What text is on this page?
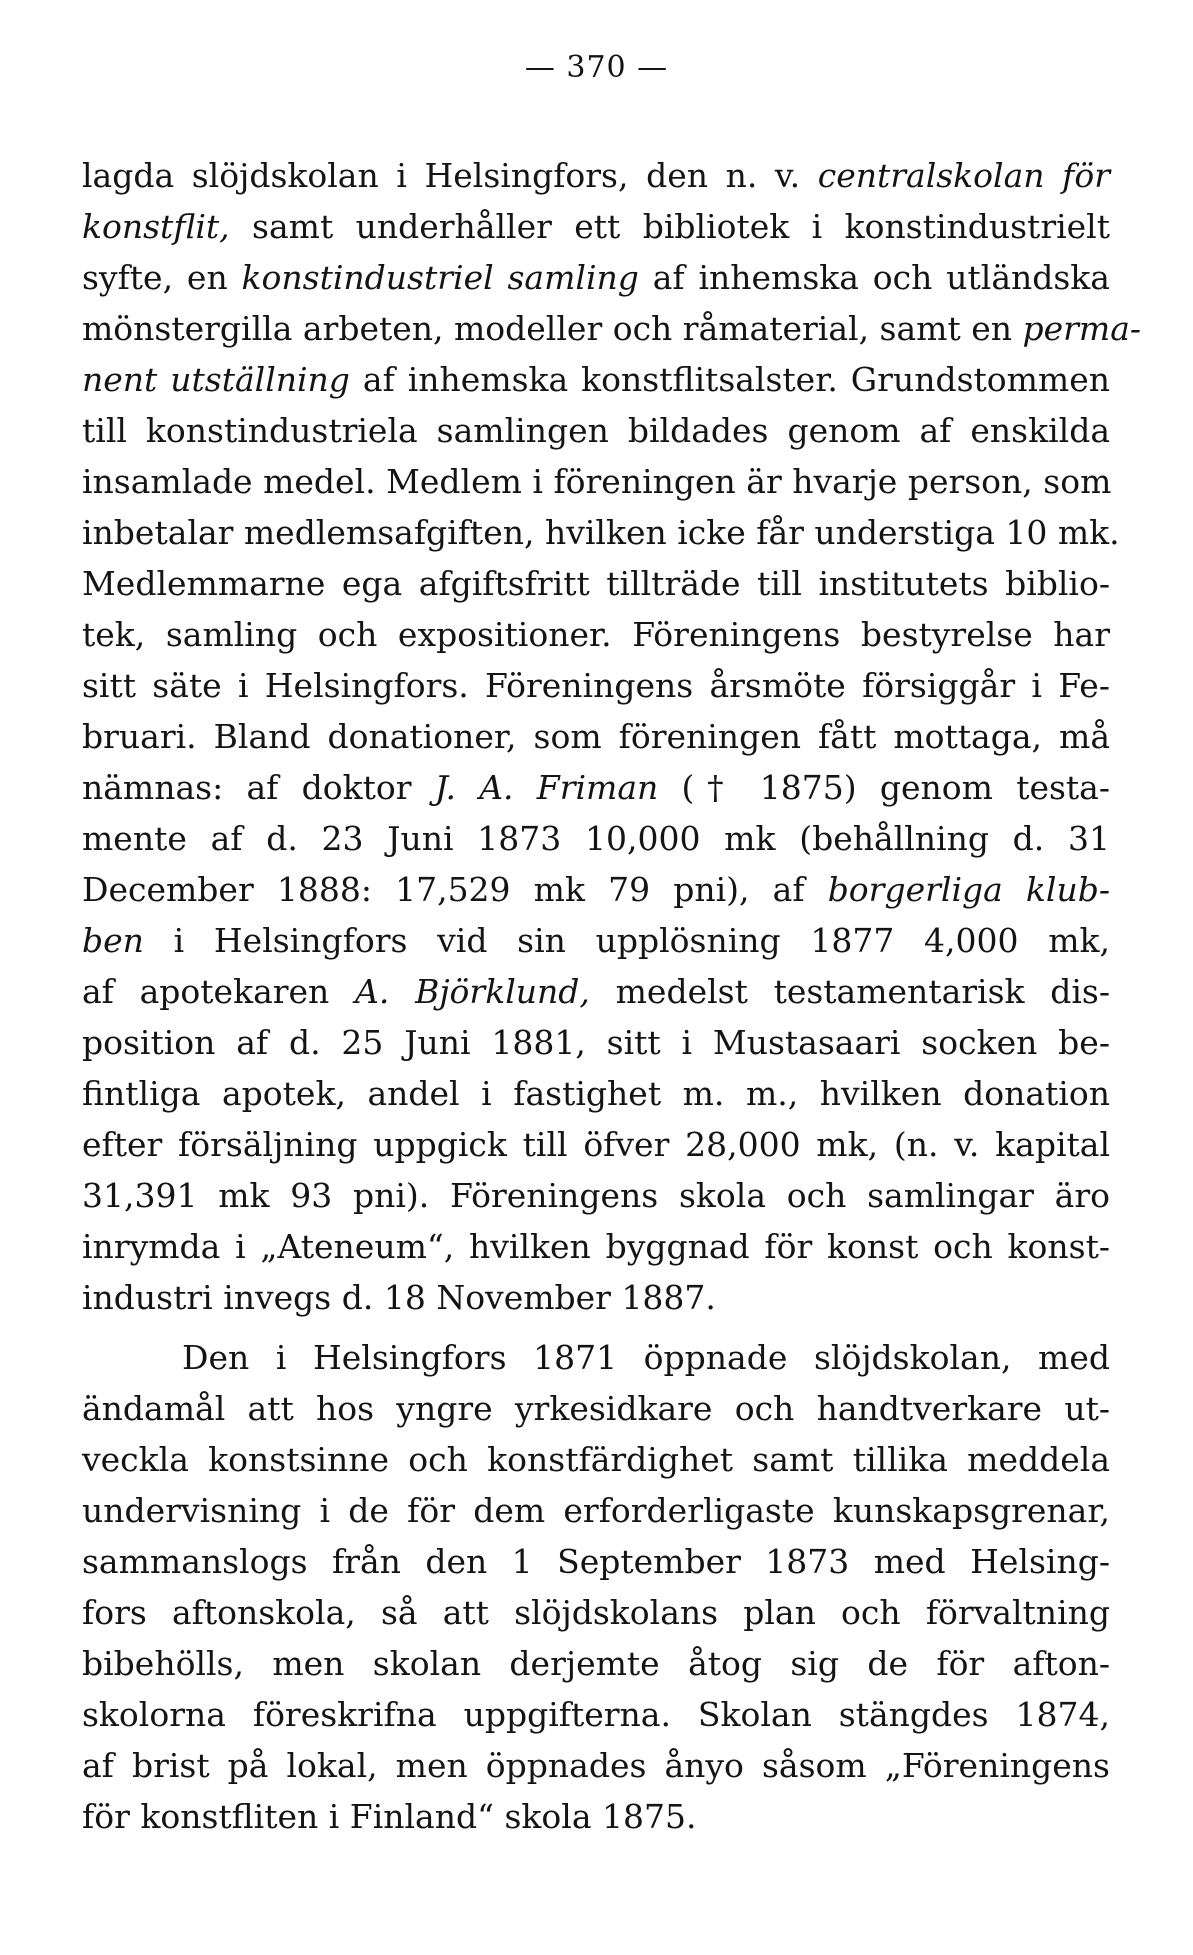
— 370 —
lagda slöjdskolan i Helsingfors, den n. v. centralskolan för
konstflit, samt underhåller ett bibliotek i konstindustrielt
syfte, en konstindustriel samling af inhemska och utländska
mönstergilla arbeten, modeller och råmaterial, samt en perma-
nent utställning af inhemska konstflitsalster. Grundstommen
till konstindustriela samlingen bildades genom af enskilda
insamlade medel. Medlem i föreningen är hvarje person, som
inbetalar medlemsafgiften, hvilken icke får understiga 10 mk.
Medlemmarne ega afgiftsfritt tillträde till institutets biblio-
tek, samling och expositioner. Föreningens bestyrelse har
sitt säte i Helsingfors. Föreningens årsmöte försiggår i Fe-
bruari. Bland donationer, som föreningen fått mottaga, må
nämnas: af doktor J. A. Friman († 1875) genom testa-
mente af d. 23 Juni 1873 10,000 mk (behållning d. 31
December 1888: 17,529 mk 79 pni), af borgerliga klub-
ben i Helsingfors vid sin upplösning 1877 4,000 mk,
af apotekaren A. Björklund, medelst testamentarisk dis-
position af d. 25 Juni 1881, sitt i Mustasaari socken be-
fintliga apotek, andel i fastighet m. m., hvilken donation
efter försäljning uppgick till öfver 28,000 mk, (n. v. kapital
31,391 mk 93 pni). Föreningens skola och samlingar äro
inrymda i „Ateneum“, hvilken byggnad för konst och konst-
industri invegs d. 18 November 1887.
Den i Helsingfors 1871 öppnade slöjdskolan, med
ändamål att hos yngre yrkesidkare och handtverkare ut-
veckla konstsinne och konstfärdighet samt tillika meddela
undervisning i de för dem erforderligaste kunskapsgrenar,
sammanslogs från den 1 September 1873 med Helsing-
fors aftonskola, så att slöjdskolans plan och förvaltning
bibehölls, men skolan derjemte åtog sig de för afton-
skolorna föreskrifna uppgifterna. Skolan stängdes 1874,
af brist på lokal, men öppnades ånyo såsom „Föreningens
för konstfliten i Finland“ skola 1875.
